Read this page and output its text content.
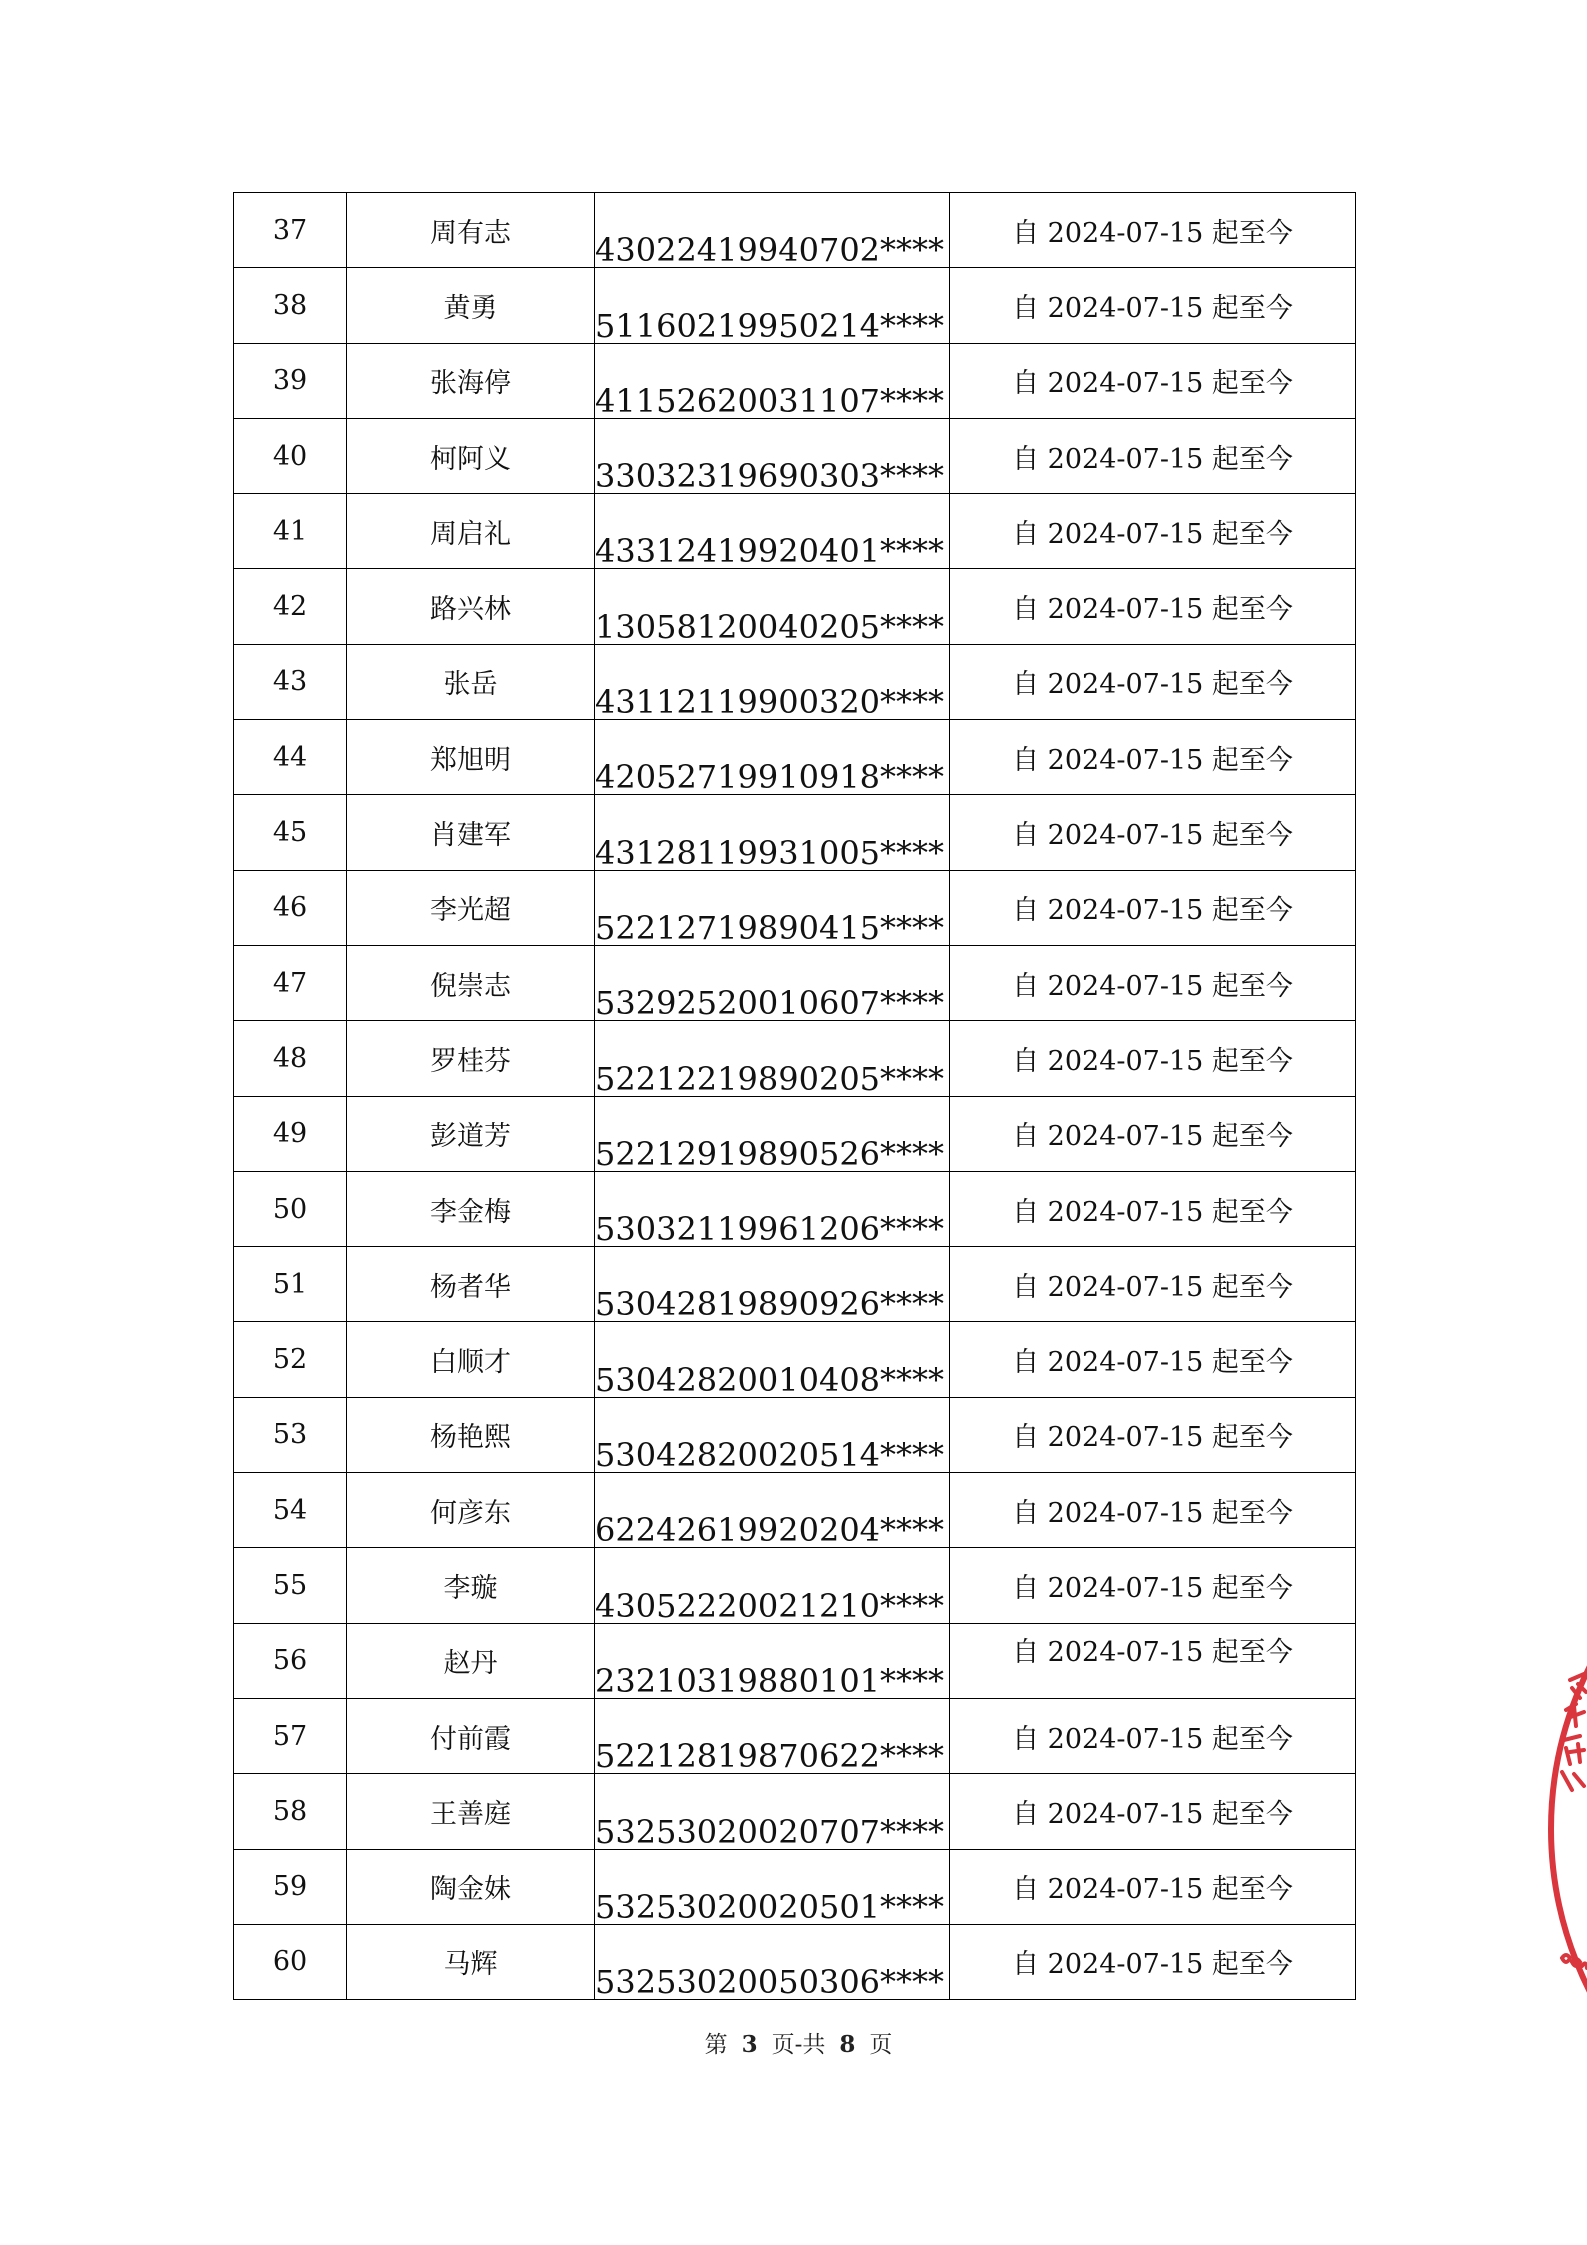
37	周有志	43022419940702****	自 2024-07-15 起至今
38	黄勇	51160219950214****	自 2024-07-15 起至今
39	张海停	41152620031107****	自 2024-07-15 起至今
40	柯阿义	33032319690303****	自 2024-07-15 起至今
41	周启礼	43312419920401****	自 2024-07-15 起至今
42	路兴林	13058120040205****	自 2024-07-15 起至今
43	张岳	43112119900320****	自 2024-07-15 起至今
44	郑旭明	42052719910918****	自 2024-07-15 起至今
45	肖建军	43128119931005****	自 2024-07-15 起至今
46	李光超	52212719890415****	自 2024-07-15 起至今
47	倪崇志	53292520010607****	自 2024-07-15 起至今
48	罗桂芬	52212219890205****	自 2024-07-15 起至今
49	彭道芳	52212919890526****	自 2024-07-15 起至今
50	李金梅	53032119961206****	自 2024-07-15 起至今
51	杨者华	53042819890926****	自 2024-07-15 起至今
52	白顺才	53042820010408****	自 2024-07-15 起至今
53	杨艳熙	53042820020514****	自 2024-07-15 起至今
54	何彦东	62242619920204****	自 2024-07-15 起至今
55	李璇	43052220021210****	自 2024-07-15 起至今
56	赵丹	23210319880101****	自 2024-07-15 起至今
57	付前霞	52212819870622****	自 2024-07-15 起至今
58	王善庭	53253020020707****	自 2024-07-15 起至今
59	陶金妹	53253020020501****	自 2024-07-15 起至今
60	马辉	53253020050306****	自 2024-07-15 起至今
第 3 页-共 8 页
